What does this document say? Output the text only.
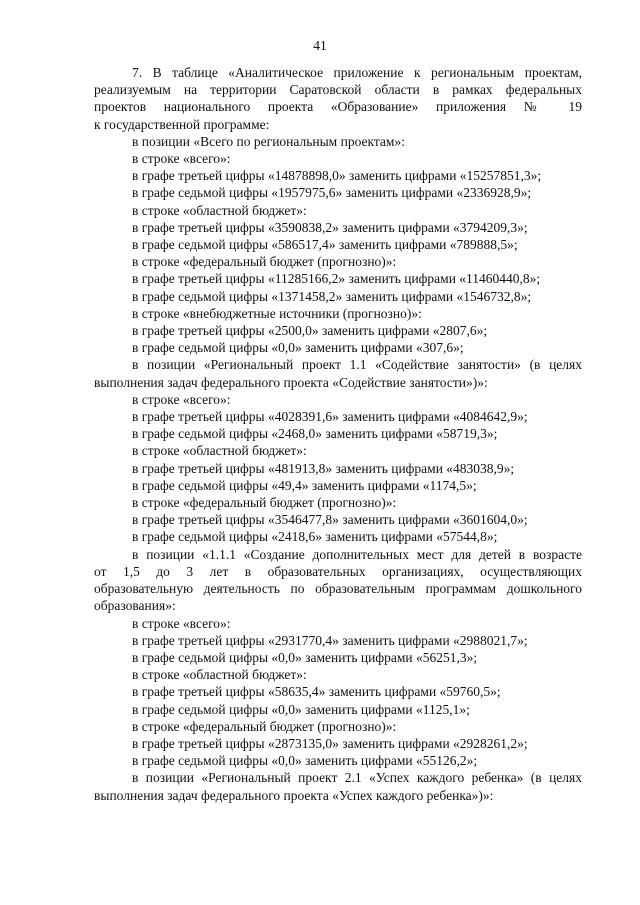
41
7. В таблице «Аналитическое приложение к региональным проектам,
реализуемым на территории Саратовской области в рамках федеральных
проектов национального проекта «Образование» приложения № 19
к государственной программе:
в позиции «Всего по региональным проектам»:
в строке «всего»:
в графе третьей цифры «14878898,0» заменить цифрами «15257851,3»;
в графе седьмой цифры «1957975,6» заменить цифрами «2336928,9»;
в строке «областной бюджет»:
в графе третьей цифры «3590838,2» заменить цифрами «3794209,3»;
в графе седьмой цифры «586517,4» заменить цифрами «789888,5»;
в строке «федеральный бюджет (прогнозно)»:
в графе третьей цифры «11285166,2» заменить цифрами «11460440,8»;
в графе седьмой цифры «1371458,2» заменить цифрами «1546732,8»;
в строке «внебюджетные источники (прогнозно)»:
в графе третьей цифры «2500,0» заменить цифрами «2807,6»;
в графе седьмой цифры «0,0» заменить цифрами «307,6»;
в позиции «Региональный проект 1.1 «Содействие занятости» (в целях
выполнения задач федерального проекта «Содействие занятости»)»:
в строке «всего»:
в графе третьей цифры «4028391,6» заменить цифрами «4084642,9»;
в графе седьмой цифры «2468,0» заменить цифрами «58719,3»;
в строке «областной бюджет»:
в графе третьей цифры «481913,8» заменить цифрами «483038,9»;
в графе седьмой цифры «49,4» заменить цифрами «1174,5»;
в строке «федеральный бюджет (прогнозно)»:
в графе третьей цифры «3546477,8» заменить цифрами «3601604,0»;
в графе седьмой цифры «2418,6» заменить цифрами «57544,8»;
в позиции «1.1.1 «Создание дополнительных мест для детей в возрасте
от 1,5 до 3 лет в образовательных организациях, осуществляющих
образовательную деятельность по образовательным программам дошкольного
образования»:
в строке «всего»:
в графе третьей цифры «2931770,4» заменить цифрами «2988021,7»;
в графе седьмой цифры «0,0» заменить цифрами «56251,3»;
в строке «областной бюджет»:
в графе третьей цифры «58635,4» заменить цифрами «59760,5»;
в графе седьмой цифры «0,0» заменить цифрами «1125,1»;
в строке «федеральный бюджет (прогнозно)»:
в графе третьей цифры «2873135,0» заменить цифрами «2928261,2»;
в графе седьмой цифры «0,0» заменить цифрами «55126,2»;
в позиции «Региональный проект 2.1 «Успех каждого ребенка» (в целях
выполнения задач федерального проекта «Успех каждого ребенка»)»:
